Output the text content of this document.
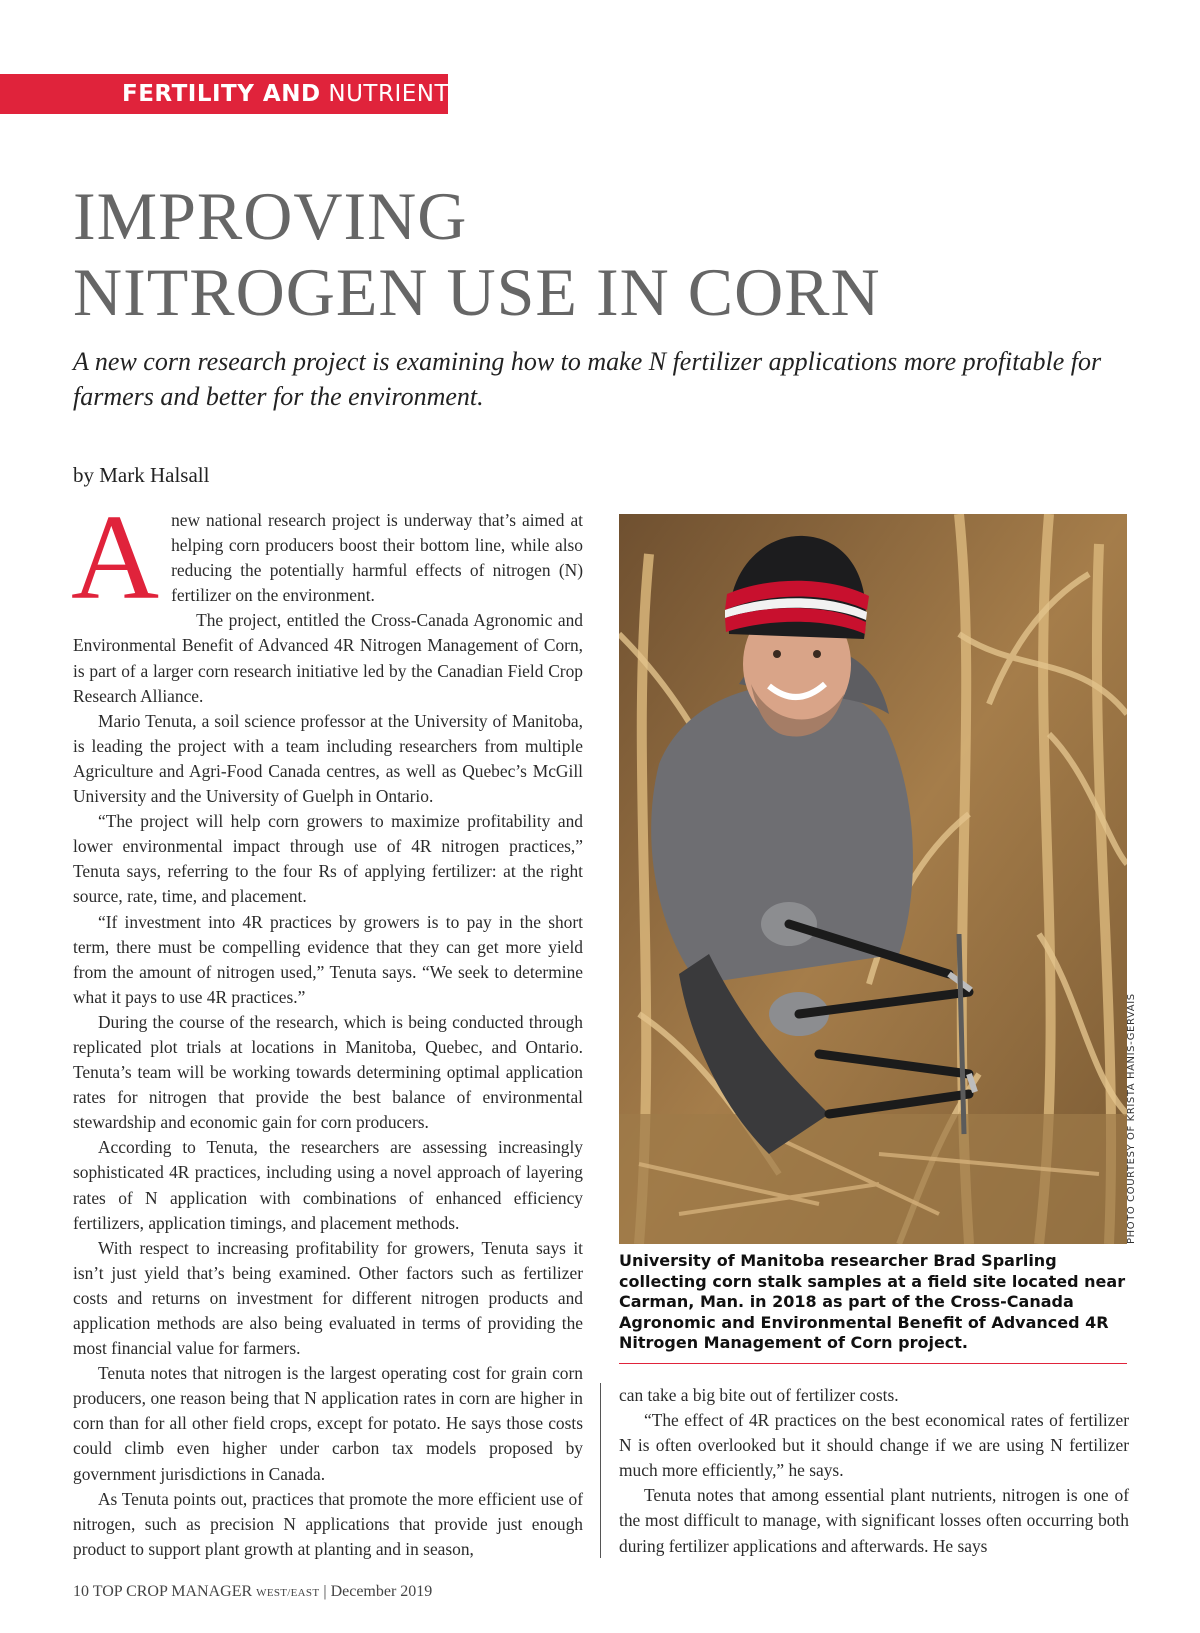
FERTILITY AND NUTRIENTS
IMPROVING
NITROGEN USE IN CORN

A new corn research project is examining how to make N fertilizer applications more profitable for farmers and better for the environment.

by Mark Halsall

Anew national research project is underway that’s aimed at helping corn producers boost their bottom line, while also reducing the potentially harmful effects of nitrogen (N) fertilizer on the environment.

The project, entitled the Cross-Canada Agronomic and Environmental Benefit of Advanced 4R Nitrogen Management of Corn, is part of a larger corn research initiative led by the Canadian Field Crop Research Alliance.

Mario Tenuta, a soil science professor at the University of Manitoba, is leading the project with a team including researchers from multiple Agriculture and Agri-Food Canada centres, as well as Quebec’s McGill University and the University of Guelph in Ontario.

“The project will help corn growers to maximize profitability and lower environmental impact through use of 4R nitrogen practices,” Tenuta says, referring to the four Rs of applying fertilizer: at the right source, rate, time, and placement.

“If investment into 4R practices by growers is to pay in the short term, there must be compelling evidence that they can get more yield from the amount of nitrogen used,” Tenuta says. “We seek to determine what it pays to use 4R practices.”

During the course of the research, which is being conducted through replicated plot trials at locations in Manitoba, Quebec, and Ontario. Tenuta’s team will be working towards determining optimal application rates for nitrogen that provide the best balance of environmental stewardship and economic gain for corn producers.

According to Tenuta, the researchers are assessing increasingly sophisticated 4R practices, including using a novel approach of layering rates of N application with combinations of enhanced efficiency fertilizers, application timings, and placement methods.

With respect to increasing profitability for growers, Tenuta says it isn’t just yield that’s being examined. Other factors such as fertilizer costs and returns on investment for different nitrogen products and application methods are also being evaluated in terms of providing the most financial value for farmers.

Tenuta notes that nitrogen is the largest operating cost for grain corn producers, one reason being that N application rates in corn are higher in corn than for all other field crops, except for potato. He says those costs could climb even higher under carbon tax models proposed by government jurisdictions in Canada.

As Tenuta points out, practices that promote the more efficient use of nitrogen, such as precision N applications that provide just enough product to support plant growth at planting and in season,

PHOTO COURTESY OF KRISTA HANIS-GERVAIS

University of Manitoba researcher Brad Sparling collecting corn stalk samples at a field site located near Carman, Man. in 2018 as part of the Cross-Canada Agronomic and Environmental Benefit of Advanced 4R Nitrogen Management of Corn project.

can take a big bite out of fertilizer costs.

“The effect of 4R practices on the best economical rates of fertilizer N is often overlooked but it should change if we are using N fertilizer much more efficiently,” he says.

Tenuta notes that among essential plant nutrients, nitrogen is one of the most difficult to manage, with significant losses often occurring both during fertilizer applications and afterwards. He says

10 TOP CROP MANAGER WEST/EAST | December 2019
